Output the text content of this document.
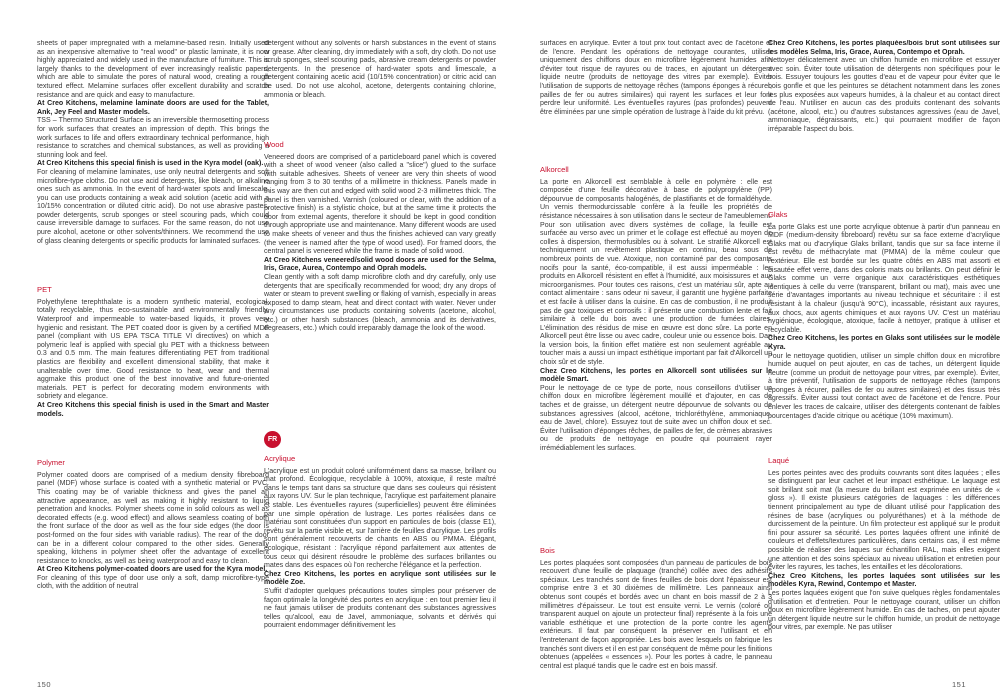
sheets of paper impregnated with a melamine-based resin. Initially used as an inexpensive alternative to "real wood" or plastic laminate, it is now highly appreciated and widely used in the manufacture of furniture. This is largely thanks to the development of ever increasingly realistic papers, which are able to simulate the pores of natural wood, creating a rough textured effect. Melamine surfaces offer excellent durability and scratch resistance and are quick and easy to manufacture.

At Creo Kitchens, melamine laminate doors are used for the Tablet, Ank, Jey Feel and Master models.

TSS – Thermo Structured Surface is an irreversible thermosetting process for work surfaces that creates an impression of depth. This brings the work surfaces to life and offers extraordinary technical performance, high resistance to scratches and chemical substances, as well as providing a stunning look and feel.

At Creo Kitchens this special finish is used in the Kyra model (oak).

For cleaning of melamine laminates, use only neutral detergents and soft microfibre-type cloths. Do not use acid detergents, like bleach, or alkaline ones such as ammonia. In the event of hard-water spots and limescale, you can use products containing a weak acid solution (acetic acid with a 10/15% concentration or diluted citric acid). Do not use abrasive pastes, powder detergents, scrub sponges or steel scouring pads, which could cause irreversible damage to surfaces. For the same reason, do not use pure alcohol, acetone or other solvents/thinners. We recommend the use of glass cleaning detergents or specific products for laminated surfaces.

PET

Polyethylene terephthalate is a modern synthetic material, ecological, totally recyclable, thus eco-sustainable and environmentally friendly. Waterproof and impermeable to water-based liquids, it proves very hygienic and resistant. The PET coated door is given by a certified MDF panel (compliant with US EPA TSCA TITLE VI directives) on which a polymeric leaf is applied with special glu PET with a thickness between 0.3 and 0.5 mm. The main features differentiating PET from traditional plastics are flexibility and excellent dimensional stability, that make it unalterable over time. Good resistance to heat, wear and thermal aggmake this product one of the best innovative and future-oriented materials. PET is perfect for decorating modern environments with sobriety and elegance.

At Creo Kitchens this special finish is used in the Smart and Master models.

Polymer

Polymer coated doors are comprised of a medium density fibreboard panel (MDF) whose surface is coated with a synthetic material or PVC. This coating may be of variable thickness and gives the panel an attractive appearance, as well as making it highly resistant to liquid penetration and knocks. Polymer sheets come in solid colours as well as decorated effects (e.g. wood effect) and allows seamless coating of both the front surface of the door as well as the four side edges (the door is post-formed on the four sides with variable radius). The rear of the door can be in a different colour compared to the other sides. Generally speaking, kitchens in polymer sheet offer the advantage of excellent resistance to knocks, as well as being waterproof and easy to clean.

At Creo Kitchens polymer-coated doors are used for the Kyra model.

For cleaning of this type of door use only a soft, damp microfibre-type cloth, with the addition of neutral

detergent without any solvents or harsh substances in the event of stains or grease. After cleaning, dry immediately with a soft, dry cloth. Do not use scrub sponges, steel scouring pads, abrasive cream detergents or powder detergents. In the presence of hard-water spots and limescale, a detergent containing acetic acid (10/15% concentration) or citric acid can be used. Do not use alcohol, acetone, detergents containing chlorine, ammonia or bleach.

Wood

Veneered doors are comprised of a particleboard panel which is covered with a sheet of wood veneer (also called a "slice") glued to the surface with suitable adhesives. Sheets of veneer are very thin sheets of wood ranging from 3 to 30 tenths of a millimetre in thickness. Panels made in this way are then cut and edged with solid wood 2-3 millimetres thick. The panel is then varnished. Varnish (coloured or clear, with the addition of a protective finish) is a stylistic choice, but at the same time it protects the door from external agents, therefore it should be kept in good condition through appropriate use and maintenance. Many different woods are used to make sheets of veneer and thus the finishes achieved can vary greatly (the veneer is named after the type of wood used). For framed doors, the central panel is veneered while the frame is made of solid wood.

At Creo Kitchens veneered/solid wood doors are used for the Selma, Iris, Grace, Aurea, Contempo and Oprah models.

Clean gently with a soft damp microfibre cloth and dry carefully, only use detergents that are specifically recommended for wood; dry any drops of water or steam to prevent swelling or flaking of varnish, especially in areas exposed to damp steam, heat and direct contact with water. Never under any circumstances use products containing solvents (acetone, alcohol, etc.) or other harsh substances (bleach, ammonia and its derivatives, degreasers, etc.) which could irreparably damage the look of the wood.

FR

Acrylique

L'acrylique est un produit coloré uniformément dans sa masse, brillant ou mat profond. Écologique, recyclable à 100%, atoxique, il reste maîtré dans le temps tant dans sa structure que dans ses couleurs qui résistent aux rayons UV. Sur le plan technique, l'acrylique est parfaitement planaire et stable. Les éventuelles rayures (superficielles) peuvent être éliminées par une simple opération de lustrage. Les portes réalisées dans ce matériau sont constituées d'un support en particules de bois (classe E1), revêtu sur la partie visible et, sur l'arrière de feuilles d'acrylique. Les profils sont généralement recouverts de chants en ABS ou PMMA. Élégant, écologique, résistant : l'acrylique répond parfaitement aux attentes de tous ceux qui désirent résoudre le problème des surfaces brillantes ou mates dans des espaces où l'on recherche l'élégance et la perfection.

Chez Creo Kitchens, les portes en acrylique sont utilisées sur le modèle Zoe.

S'uffit d'adopter quelques précautions toutes simples pour préserver de façon optimale la longévité des portes en acrylique : en tout premier lieu il ne faut jamais utiliser de produits contenant des substances agressives telles qu'alcool, eau de Javel, ammoniaque, solvants et dérivés qui pourraient endommager définitivement les

surfaces en acrylique. Éviter à tout prix tout contact avec de l'acétone et de l'encre. Pendant les opérations de nettoyage courantes, utiliser uniquement des chiffons doux en microfibre légèrement humides afin d'éviter tout risque de rayures ou de traces, en ajoutant un détergent liquide neutre (produits de nettoyage des vitres par exemple). Éviter l'utilisation de supports de nettoyage rêches (tampons éponges à récurer, pailles de fer ou autres similaires) qui rayent les surfaces et leur font perdre leur uniformité. Les éventuelles rayures (pas profondes) peuvent être éliminées par une simple opération de lustrage à l'aide du kit prévu.

Alkorcell

La porte en Alkorcell est semblable à celle en polymère : elle est composée d'une feuille décorative à base de polypropylène (PP) dépourvue de composants halogénés, de plastifiants et de formaldéhyde. Un vernis thermodurcissable confère à la feuille les propriétés de résistance nécessaires à son utilisation dans le secteur de l'ameublement. Pour son utilisation avec divers systèmes de collage, la feuille est surfacée au verso avec un primer et le collage est effectué au moyen de colles à dispersion, thermofusibles ou à solvant. Le stratifié Alkorcell est techniquement un revêtement plastique en continu, beau sous de nombreux points de vue. Atoxique, non contaminé par des composants nocifs pour la santé, éco-compatible, il est aussi imperméable : les produits en Alkorcell résistent en effet à l'humidité, aux moisissures et aux microorganismes. Pour toutes ces raisons, c'est un matériau sûr, apte au contact alimentaire : sans odeur ni saveur, il garantit une hygiène parfaite et est facile à utiliser dans la cuisine. En cas de combustion, il ne produit pas de gaz toxiques et corrosifs : il présente une combustion lente et fait similaire à celle du bois avec une production de fumées claires. L'élimination des résidus de mise en œuvre est donc sûre. La porte en Alkorcell peut être lisse ou avec cadre, couleur unie ou essence bois. Dan la version bois, la finition effet matière est non seulement agréable au toucher mais a aussi un impact esthétique important par fait d'Alkorcell un choix sûr et de style.

Chez Creo Kitchens, les portes en Alkorcell sont utilisées sur le modèle Smart.

Pour le nettoyage de ce type de porte, nous conseillons d'utiliser un chiffon doux en microfibre légèrement mouillé et d'ajouter, en cas de taches et de graisse, un détergent neutre dépourvue de solvants ou de substances agressives (alcool, acétone, trichloréthylène, ammoniaque, eau de Javel, chlore). Essuyez tout de suite avec un chiffon doux et sec. Éviter l'utilisation d'éponges rêches, de pailles de fer, de crèmes abrasives ou de produits de nettoyage en poudre qui pourraient rayer irrémédiablement les surfaces.

Bois

Les portes plaquées sont composées d'un panneau de particules de bois recouvert d'une feuille de plaquage (tranché) collée avec des adhésifs spéciaux. Les tranchés sont de fines feuilles de bois dont l'épaisseur est comprise entre 3 et 30 dixièmes de millimètre. Les panneaux ainsi obtenus sont coupés et bordés avec un chant en bois massif de 2 à 3 millimètres d'épaisseur. Le tout est ensuite verni. Le vernis (coloré ou transparent auquel on ajoute un protecteur final) représente à la fois une variable esthétique et une protection de la porte contre les agents extérieurs. Il faut par conséquent la préserver en l'utilisant et en l'entretenant de façon appropriée. Les bois avec lesquels on fabrique les tranchés sont divers et il en est par conséquent de même pour les finitions obtenues (appelées « essences »). Pour les portes à cadre, le panneau central est plaqué tandis que le cadre est en bois massif.

Chez Creo Kitchens, les portes plaquées/bois brut sont utilisées sur les modèles Selma, Iris, Grace, Aurea, Contempo et Oprah.

Nettoyer délicatement avec un chiffon humide en microfibre et essuyer avec soin. Éviter toute utilisation de détergents non spécifiques pour le bois. Essuyer toujours les gouttes d'eau et de vapeur pour éviter que le bois gonfle et que les peintures se détachent notamment dans les zones les plus exposées aux vapeurs humides, à la chaleur et au contact direct de l'eau. N'utiliser en aucun cas des produits contenant des solvants (acétone, alcool, etc.) ou d'autres substances agressives (eau de Javel, ammoniaque, dégraissants, etc.) qui pourraient modifier de façon irréparable l'aspect du bois.

Glaks

La porte Glaks est une porte acrylique obtenue à partir d'un panneau en MDF (medium-density fibreboard) revêtu sur sa face externe d'acrylique Glaks mat ou d'acrylique Glaks brillant, tandis que sur sa face interne il est revêtu de méthacrylate mat (PMMA) de la même couleur que l'extérieur. Elle est bordée sur les quatre côtés en ABS mat assorti et bisautée effet verre, dans des coloris mats ou brillants. On peut définir le Glaks comme un verre organique aux caractéristiques esthétiques identiques à celle du verre (transparent, brillant ou mat), mais avec une série d'avantages importants au niveau technique et sécuritaire : il est résistant à la chaleur (jusqu'à 90°C), incassable, résistant aux rayures, aux chocs, aux agents chimiques et aux rayons UV. C'est un matériau hygiénique, écologique, atoxique, facile à nettoyer, pratique à utiliser et recyclable.

Chez Creo Kitchens, les portes en Glaks sont utilisées sur le modèle Kyra.

Pour le nettoyage quotidien, utiliser un simple chiffon doux en microfibre humide auquel on peut ajouter, en cas de taches, un détergent liquide neutre (comme un produit de nettoyage pour vitres, par exemple). Éviter, à titre préventif, l'utilisation de supports de nettoyage rêches (tampons éponges à récurer, pailles de fer ou autres similaires) et des tissus très agressifs. Éviter aussi tout contact avec de l'acétone et de l'encre. Pour enlever les traces de calcaire, utiliser des détergents contenant de faibles pourcentages d'acide citrique ou acétique (10% maximum).

Laqué

Les portes peintes avec des produits couvrants sont dites laquées ; elles se distinguent par leur cachet et leur impact esthétique. Le laquage est soit brillant soit mat (la mesure du brillant est exprimée en unités de « gloss »). Il existe plusieurs catégories de laquages : les différences tiennent principalement au type de diluant utilisé pour l'application des résines de base (acryliques ou polyuréthanes) et à la méthode de durcissement de la peinture. Un film protecteur est appliqué sur le produit fini pour assurer sa sécurité. Les portes laquées offrent une infinité de couleurs et d'effets/textures particulières, dans certains cas, il est même possible de réaliser des laques sur échantillon RAL, mais elles exigent une attention et des soins spéciaux au niveau utilisation et entretien pour éviter les rayures, les taches, les entailles et les décolorations.

Chez Creo Kitchens, les portes laquées sont utilisées sur les modèles Kyra, Rewind, Contempo et Master.

Les portes laquées exigent que l'on suive quelques règles fondamentales d'utilisation et d'entretien. Pour le nettoyage courant, utiliser un chiffon doux en microfibre légèrement humide. En cas de taches, on peut ajouter un détergent liquide neutre sur le chiffon humide, un produit de nettoyage pour vitres, par exemple. Ne pas utiliser

150	151
